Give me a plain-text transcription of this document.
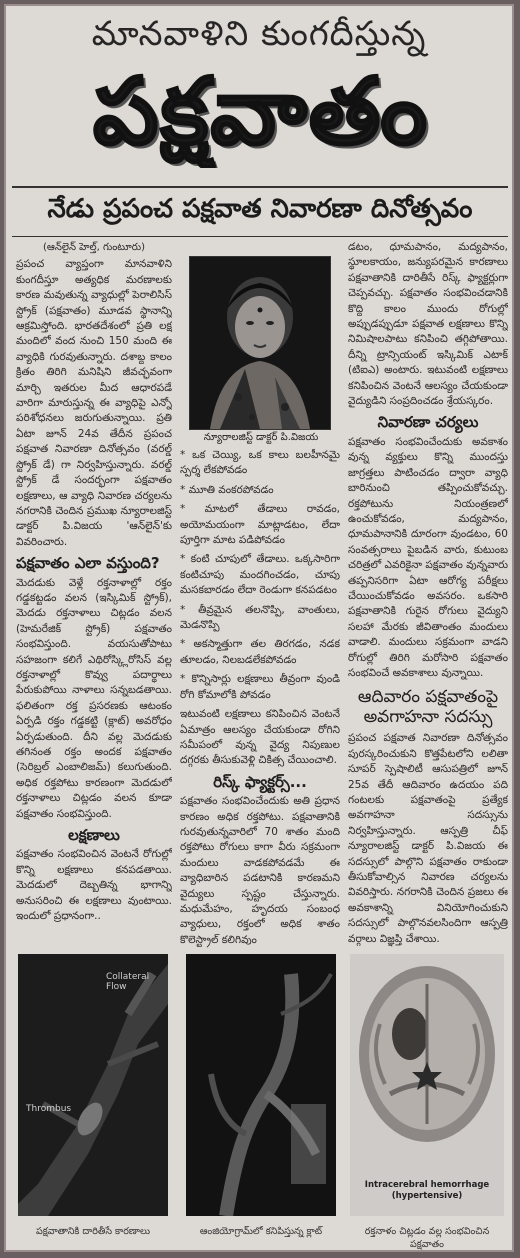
మానవాళిని కుంగదీస్తున్న
పక్షవాతం
నేడు ప్రపంచ పక్షవాత నివారణా దినోత్సవం

(ఆన్‌లైన్ హెల్త్, గుంటూరు)

ప్రపంచ వ్యాప్తంగా మానవాళిని కుంగదీస్తూ అత్యధిక మరణాలకు కారణ మవుతున్న వ్యాధుల్లో పెరాలిసిస్ స్ట్రోక్ (పక్షవాతం) మూడవ స్థానాన్ని ఆక్రమిస్తోంది. భారతదేశంలో ప్రతి లక్ష మందిలో వంద నుంచి 150 మంది ఈ వ్యాధికి గురవుతున్నారు. దశాబ్ద కాలం క్రితం తిరిగి మనిషిని జీవచ్ఛవంగా మార్చి ఇతరుల మీద ఆధారపడే వారిగా మారుస్తున్న ఈ వ్యాధిపై ఎన్నో పరిశోధనలు జరుగుతున్నాయి. ప్రతి ఏటా జూన్ 24వ తేదీన ప్రపంచ పక్షవాత నివారణా దినోత్సవం (వరల్డ్ స్ట్రోక్ డే) గా నిర్వహిస్తున్నారు. వరల్డ్ స్ట్రోక్ డే సందర్భంగా పక్షవాతం లక్షణాలు, ఆ వ్యాధి నివారణ చర్యలను నగరానికి చెందిన ప్రముఖ న్యూరాలజిస్ట్ డాక్టర్ పి.విజయ 'ఆన్‌లైన్'కు వివరించారు.

పక్షవాతం ఎలా వస్తుంది?

మెదడుకు వెళ్లే రక్తనాళాల్లో రక్తం గడ్డకట్టడం వలన (ఇస్కిమిక్ స్ట్రోక్), మెదడు రక్తనాళాలు చిట్లడం వలన (హెమరేజిక్ స్ట్రోక్) పక్షవాతం సంభవిస్తుంది. వయసుతోపాటు సహజంగా కలిగే ఎథిరోస్క్లిరోసిస్ వల్ల రక్తనాళాల్లో కొవ్వు పదార్థాలు పేరుకుపోయి నాళాలు సన్నబడతాయి. ఫలితంగా రక్త ప్రసరణకు ఆటంకం ఏర్పడి రక్తం గడ్డకట్టి (క్లాట్) అవరోధం ఏర్పడుతుంది. దీని వల్ల మెదడుకు తగినంత రక్తం అందక పక్షవాతం (సెరిబ్రల్ ఎంబాలిజమ్) కలుగుతుంది. అధిక రక్తపోటు కారణంగా మెదడులో రక్తనాళాలు చిట్లడం వలన కూడా పక్షవాతం సంభవిస్తుంది.

లక్షణాలు

పక్షవాతం సంభవించిన వెంటనే రోగుల్లో కొన్ని లక్షణాలు కనపడతాయి. మెదడులో దెబ్బతిన్న భాగాన్ని అనుసరించి ఈ లక్షణాలు వుంటాయి. ఇందులో ప్రధానంగా..

న్యూరాలజిస్ట్ డాక్టర్ పి.విజయ

* ఒక చెయ్యి, ఒక కాలు బలహీనమై స్పర్శ లేకపోవడం

* మూతి వంకరపోవడం

* మాటలో తేడాలు రావడం, అయోమయంగా మాట్లాడటం, లేదా పూర్తిగా మాట పడిపోవడం

* కంటి చూపులో తేడాలు. ఒక్కసారిగా కంటిచూపు మందగించడం, చూపు మసకబారడం లేదా రెండుగా కనపడటం

* తీవ్రమైన తలనొప్పి, వాంతులు, మెడనొప్పి

* అకస్మాత్తుగా తల తిరగడం, నడక తూలడం, నిలబడలేకపోవడం

* కొన్నిసార్లు లక్షణాలు తీవ్రంగా వుండి రోగి కోమాలోకి పోవడం

ఇటువంటి లక్షణాలు కనిపించిన వెంటనే ఏమాత్రం ఆలస్యం చేయకుండా రోగిని సమీపంలో వున్న వైద్య నిపుణుల దగ్గరకు తీసుకువెళ్లి చికిత్స చేయించాలి.

రిస్క్ ఫ్యాక్టర్స్...

పక్షవాతం సంభవించేందుకు అతి ప్రధాన కారణం అధిక రక్తపోటు. పక్షవాతానికి గురవుతున్నవారిలో 70 శాతం మంది రక్తపోటు రోగులు కాగా వీరు సక్రమంగా మందులు వాడకపోవడమే ఈ వ్యాధిబారిన పడటానికి కారణమని వైద్యులు స్పష్టం చేస్తున్నారు. మధుమేహం, హృదయ సంబంధ వ్యాధులు, రక్తంలో అధిక శాతం కొలెస్ట్రాల్ కలిగివుం

డటం, ధూమపానం, మద్యపానం, స్థూలకాయం, జన్యుపరమైన కారణాలు పక్షవాతానికి దారితీసే రిస్క్ ఫ్యాక్టర్లుగా చెప్పవచ్చు. పక్షవాతం సంభవించడానికి కొద్ది కాలం ముందు రోగుల్లో అప్పుడప్పుడూ పక్షవాత లక్షణాలు కొన్ని నిమిషాలపాటు కనిపించి తగ్గిపోతాయి. దీన్ని ట్రాన్సియంట్ ఇస్కిమిక్ ఎటాక్ (టిఐఎ) అంటారు. ఇటువంటి లక్షణాలు కనిపించిన వెంటనే ఆలస్యం చేయకుండా వైద్యుడిని సంప్రదించడం శ్రేయస్కరం.

నివారణా చర్యలు

పక్షవాతం సంభవించేందుకు అవకాశం వున్న వ్యక్తులు కొన్ని ముందస్తు జాగ్రత్తలు పాటించడం ద్వారా వ్యాధి బారినుంచి తప్పించుకోవచ్చు. రక్తపోటును నియంత్రణలో ఉంచుకోవడం, మద్యపానం, ధూమపానానికి దూరంగా వుండటం, 60 సంవత్సరాలు పైబడిన వారు, కుటుంబ చరిత్రలో ఎవరికైనా పక్షవాతం వున్నవారు తప్పనిసరిగా ఏటా ఆరోగ్య పరీక్షలు చేయించుకోవడం అవసరం. ఒకసారి పక్షవాతానికి గురైన రోగులు వైద్యుని సలహా మేరకు జీవితాంతం మందులు వాడాలి. మందులు సక్రమంగా వాడని రోగుల్లో తిరిగి మరోసారి పక్షవాతం సంభవించే అవకాశాలు వున్నాయి.

ఆదివారం పక్షవాతంపై అవగాహనా సదస్సు

ప్రపంచ పక్షవాత నివారణా దినోత్సవం పురస్కరించుకుని కొత్తపేటలోని లలితా సూపర్ స్పెషాలిటీ ఆసుపత్రిలో జూన్ 25వ తేదీ ఆదివారం ఉదయం పది గంటలకు పక్షవాతంపై ప్రత్యేక అవగాహనా సదస్సును నిర్వహిస్తున్నారు. ఆస్పత్రి చీఫ్ న్యూరాలజిస్ట్ డాక్టర్ పి.విజయ ఈ సదస్సులో పాల్గొని పక్షవాతం రాకుండా తీసుకోవాల్సిన నివారణ చర్యలను వివరిస్తారు. నగరానికి చెందిన ప్రజలు ఈ అవకాశాన్ని వినియోగించుకుని సదస్సులో పాల్గొనవలసిందిగా ఆస్పత్రి వర్గాలు విజ్ఞప్తి చేశాయి.

Collateral Flow
Thrombus
Intracerebral hemorrhage (hypertensive)
పక్షవాతానికి దారితీసే కారణాలు	ఆంజియోగ్రామ్‌లో కనిపిస్తున్న క్లాట్	రక్తనాళం చిట్లడం వల్ల సంభవించిన పక్షవాతం
